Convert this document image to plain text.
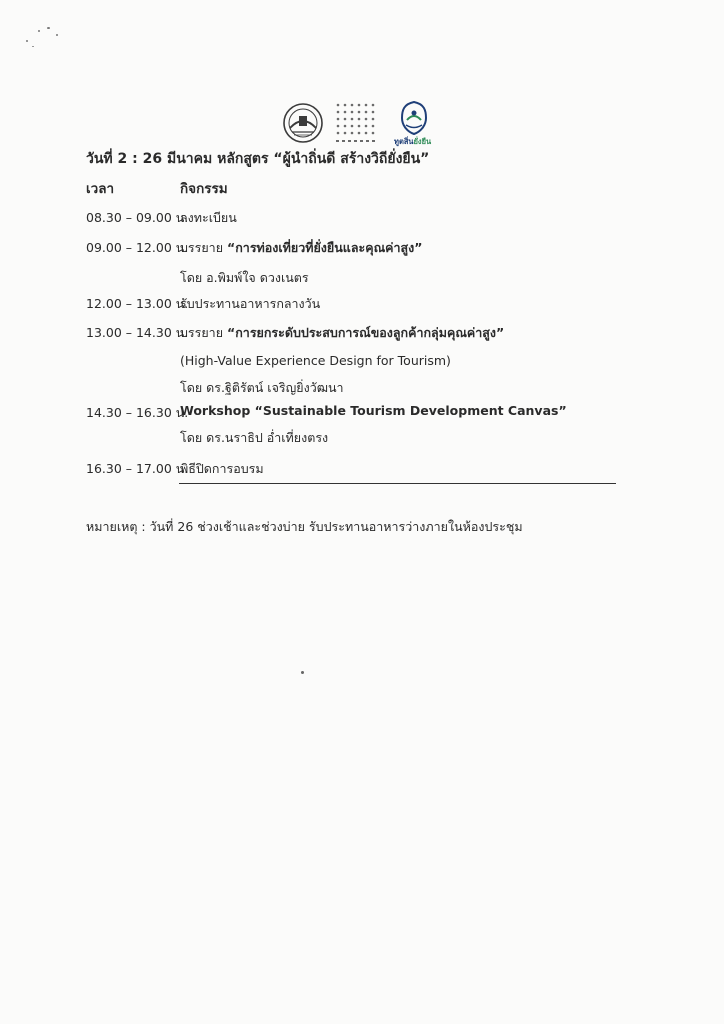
ทูตสิ่นยั่งยืน
วันที่ 2 : 26 มีนาคม หลักสูตร “ผู้นำถิ่นดี สร้างวิถียั่งยืน”
เวลา	กิจกรรม
08.30 – 09.00 น.
ลงทะเบียน
09.00 – 12.00 น.
บรรยาย “การท่องเที่ยวที่ยั่งยืนและคุณค่าสูง”
โดย อ.พิมพ์ใจ ดวงเนตร
12.00 – 13.00 น.
รับประทานอาหารกลางวัน
13.00 – 14.30 น.
บรรยาย “การยกระดับประสบการณ์ของลูกค้ากลุ่มคุณค่าสูง”
(High-Value Experience Design for Tourism)
โดย ดร.ฐิติรัตน์ เจริญยิ่งวัฒนา
14.30 – 16.30 น.
Workshop “Sustainable Tourism Development Canvas”
โดย ดร.นราธิป อ่ำเที่ยงตรง
16.30 – 17.00 น.
พิธีปิดการอบรม
หมายเหตุ : วันที่ 26 ช่วงเช้าและช่วงบ่าย รับประทานอาหารว่างภายในห้องประชุม
